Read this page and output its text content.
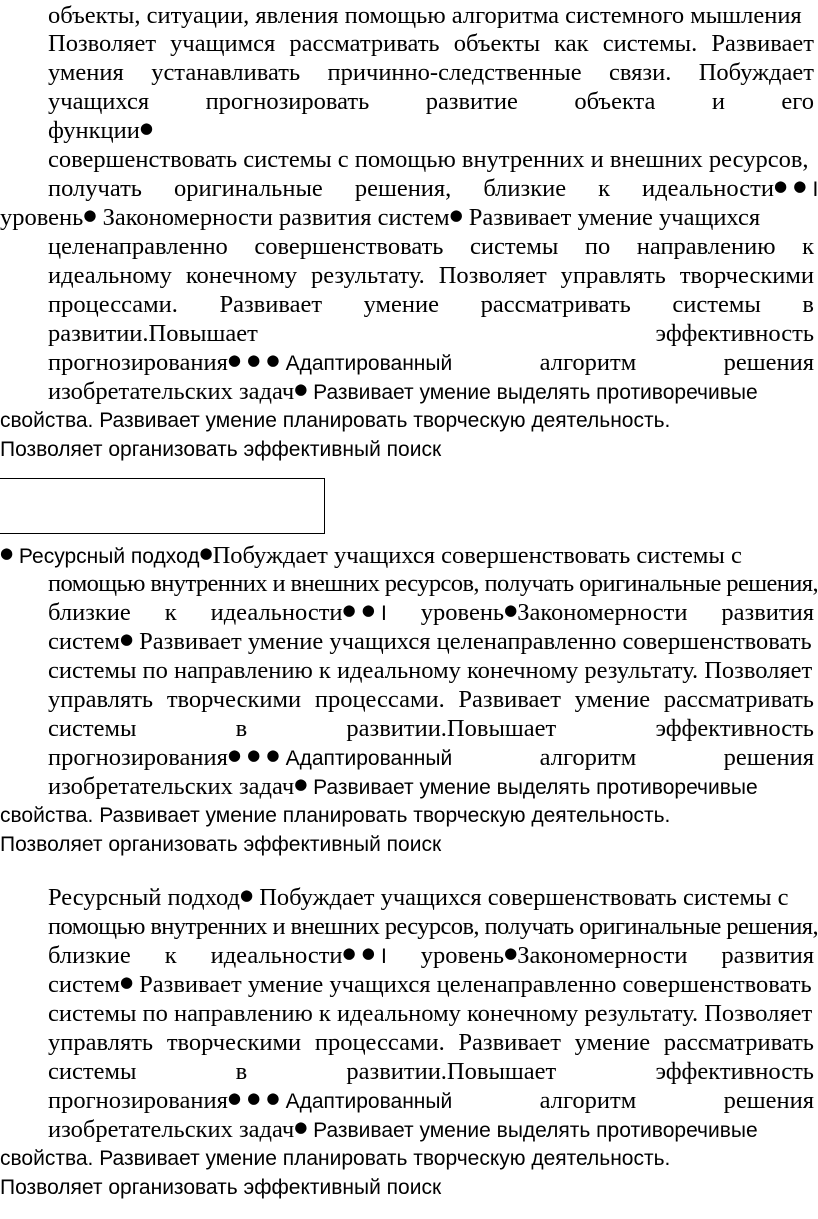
объекты, ситуации, явления помощью алгоритма системного мышления
Позволяет учащимся рассматривать объекты как системы. Развивает
умения устанавливать причинно-следственные связи. Побуждает
учащихся прогнозировать развитие объекта и его
функции●
совершенствовать системы с помощью внутренних и внешних ресурсов,
получать оригинальные решения, близкие к идеальности ● ● I
уровень● Закономерности развития систем● Развивает умение учащихся
целенаправленно совершенствовать системы по направлению к
идеальному конечному результату. Позволяет управлять творческими
процессами. Развивает умение рассматривать системы в
развитии.Повышает	эффективность
прогнозирования● ● ● Адаптированный	алгоритм	решения
изобретательских задач● Развивает умение выделять противоречивые
свойства. Развивает умение планировать творческую деятельность.
Позволяет организовать эффективный поиск
● Ресурсный подход●Побуждает учащихся совершенствовать системы с
помощью внутренних и внешних ресурсов, получать оригинальные решения,
близкие к идеальности● ● I уровень●Закономерности развития
систем● Развивает умение учащихся целенаправленно совершенствовать
системы по направлению к идеальному конечному результату. Позволяет
управлять творческими процессами. Развивает умение рассматривать
системы	в	развитии.Повышает	эффективность
прогнозирования● ● ● Адаптированный	алгоритм	решения
изобретательских задач● Развивает умение выделять противоречивые
свойства. Развивает умение планировать творческую деятельность.
Позволяет организовать эффективный поиск
Ресурсный подход● Побуждает учащихся совершенствовать системы с
помощью внутренних и внешних ресурсов, получать оригинальные решения,
близкие к идеальности● ● I уровень●Закономерности развития
систем● Развивает умение учащихся целенаправленно совершенствовать
системы по направлению к идеальному конечному результату. Позволяет
управлять творческими процессами. Развивает умение рассматривать
системы	в	развитии.Повышает	эффективность
прогнозирования● ● ● Адаптированный	алгоритм	решения
изобретательских задач● Развивает умение выделять противоречивые
свойства. Развивает умение планировать творческую деятельность.
Позволяет организовать эффективный поиск
